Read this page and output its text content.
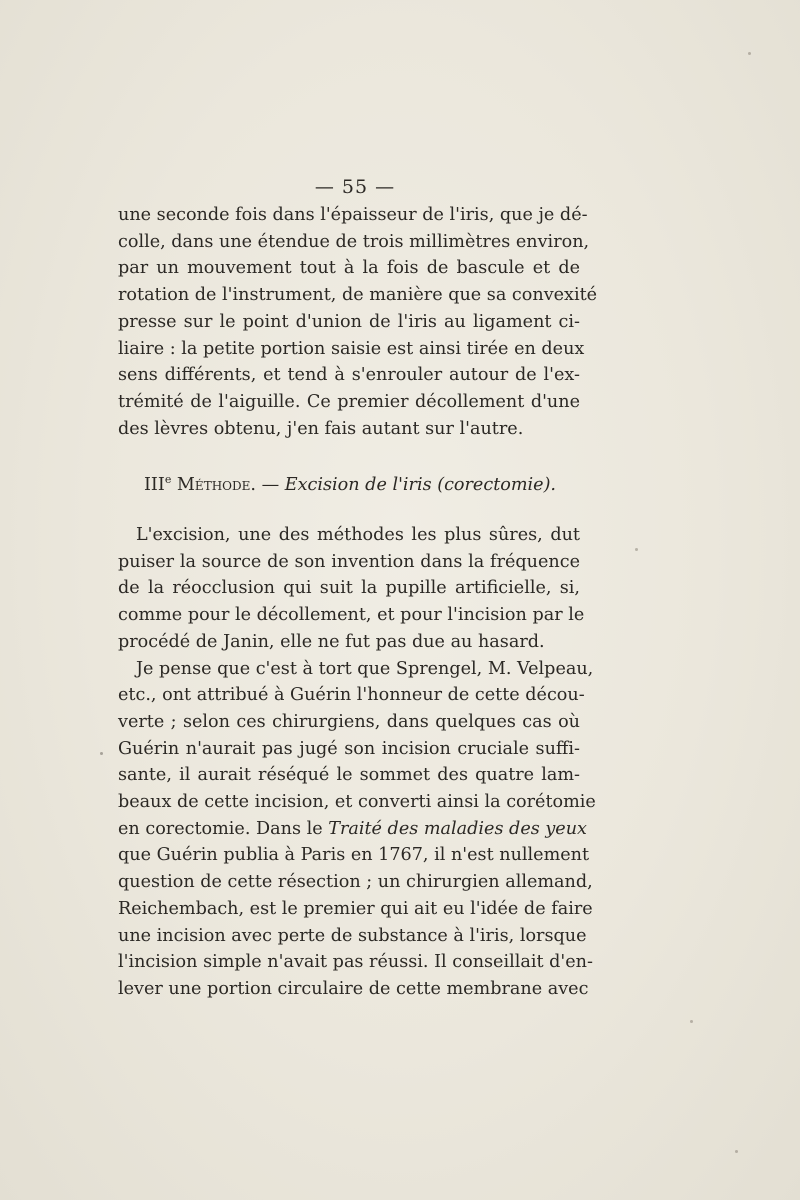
— 55 —
une seconde fois dans l'épaisseur de l'iris, que je dé-
colle, dans une étendue de trois millimètres environ,
par un mouvement tout à la fois de bascule et de
rotation de l'instrument, de manière que sa convexité
presse sur le point d'union de l'iris au ligament ci-
liaire : la petite portion saisie est ainsi tirée en deux
sens différents, et tend à s'enrouler autour de l'ex-
trémité de l'aiguille. Ce premier décollement d'une
des lèvres obtenu, j'en fais autant sur l'autre.
IIIe Méthode. — Excision de l'iris (corectomie).
L'excision, une des méthodes les plus sûres, dut
puiser la source de son invention dans la fréquence
de la réocclusion qui suit la pupille artificielle, si,
comme pour le décollement, et pour l'incision par le
procédé de Janin, elle ne fut pas due au hasard.
Je pense que c'est à tort que Sprengel, M. Velpeau,
etc., ont attribué à Guérin l'honneur de cette décou-
verte ; selon ces chirurgiens, dans quelques cas où
Guérin n'aurait pas jugé son incision cruciale suffi-
sante, il aurait réséqué le sommet des quatre lam-
beaux de cette incision, et converti ainsi la corétomie
en corectomie. Dans le Traité des maladies des yeux
que Guérin publia à Paris en 1767, il n'est nullement
question de cette résection ; un chirurgien allemand,
Reichembach, est le premier qui ait eu l'idée de faire
une incision avec perte de substance à l'iris, lorsque
l'incision simple n'avait pas réussi. Il conseillait d'en-
lever une portion circulaire de cette membrane avec
